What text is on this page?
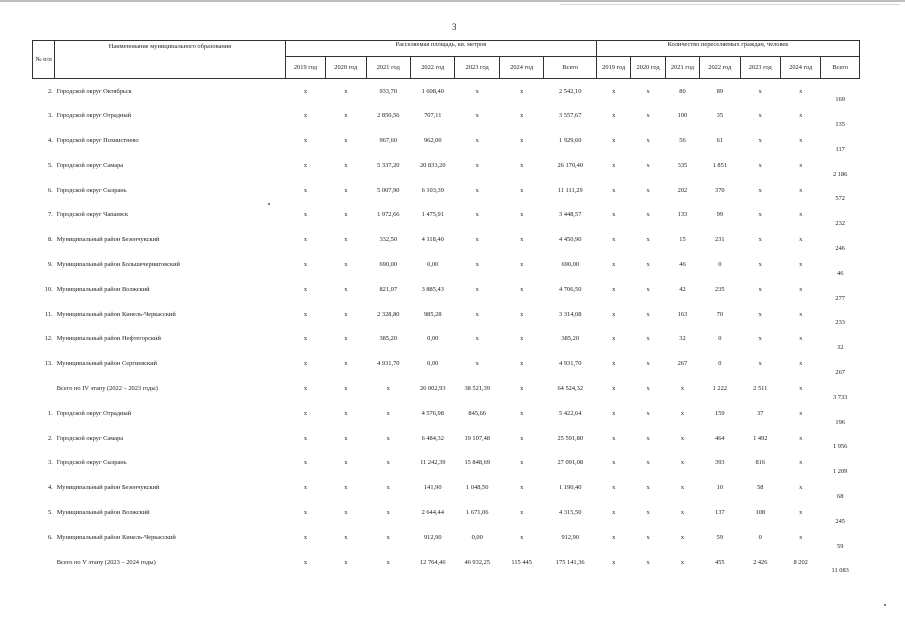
3
№ п/п	Наименование муниципального образования	Расселяемая площадь, кв. метров							Количество переселяемых граждан, человек						
		2019 год	2020 год	2021 год	2022 год	2023 год	2024 год	Всего	2019 год	2020 год	2021 год	2022 год	2023 год	2024 год	Всего
2.	Городской округ Октябрьск	x	x	933,70	1 608,40	x	x	2 542,10	x	x	80	89	x	x	169
3.	Городской округ Отрадный	x	x	2 850,56	707,11	x	x	3 557,67	x	x	100	35	x	x	135
4.	Городской округ Похвистнево	x	x	967,60	962,00	x	x	1 929,60	x	x	56	61	x	x	117
5.	Городской округ Самара	x	x	5 337,20	20 833,20	x	x	26 170,40	x	x	335	1 851	x	x	2 186
6.	Городской округ Сызрань	x	x	5 007,90	6 103,39	x	x	11 111,29	x	x	202	370	x	x	572
7.	Городской округ Чапаевск	x	x	1 972,66	1 475,91	x	x	3 448,57	x	x	133	99	x	x	232
8.	Муниципальный район Безенчукский	x	x	332,50	4 118,40	x	x	4 450,90	x	x	15	231	x	x	246
9.	Муниципальный район Большечерниговский	x	x	690,00	0,00	x	x	690,00	x	x	46	0	x	x	46
10.	Муниципальный район Волжский	x	x	821,07	3 885,43	x	x	4 706,50	x	x	42	235	x	x	277
11.	Муниципальный район Кинель-Черкасский	x	x	2 328,80	985,28	x	x	3 314,08	x	x	163	70	x	x	233
12.	Муниципальный район Нефтегорский	x	x	385,20	0,00	x	x	385,20	x	x	32	0	x	x	32
13.	Муниципальный район Сергиевский	x	x	4 931,70	0,00	x	x	4 931,70	x	x	267	0	x	x	267
	Всего по IV этапу (2022 – 2023 годы)	x	x	x	26 002,93	38 521,39	x	64 524,32	x	x	x	1 222	2 511	x	3 733
1.	Городской округ Отрадный	x	x	x	4 576,98	845,66	x	5 422,64	x	x	x	159	37	x	196
2.	Городской округ Самара	x	x	x	6 484,32	19 107,48	x	25 591,80	x	x	x	464	1 492	x	1 956
3.	Городской округ Сызрань	x	x	x	11 242,39	15 848,69	x	27 091,08	x	x	x	393	816	x	1 209
4.	Муниципальный район Безенчукский	x	x	x	141,90	1 048,50	x	1 190,40	x	x	x	10	58	x	68
5.	Муниципальный район Волжский	x	x	x	2 644,44	1 671,06	x	4 315,50	x	x	x	137	108	x	245
6.	Муниципальный район Кинель-Черкасский	x	x	x	912,90	0,00	x	912,90	x	x	x	59	0	x	59
	Всего по V этапу (2023 – 2024 годы)	x	x	x	12 764,46	46 932,25	115 445	175 141,36	x	x	x	455	2 426	8 202	11 083
